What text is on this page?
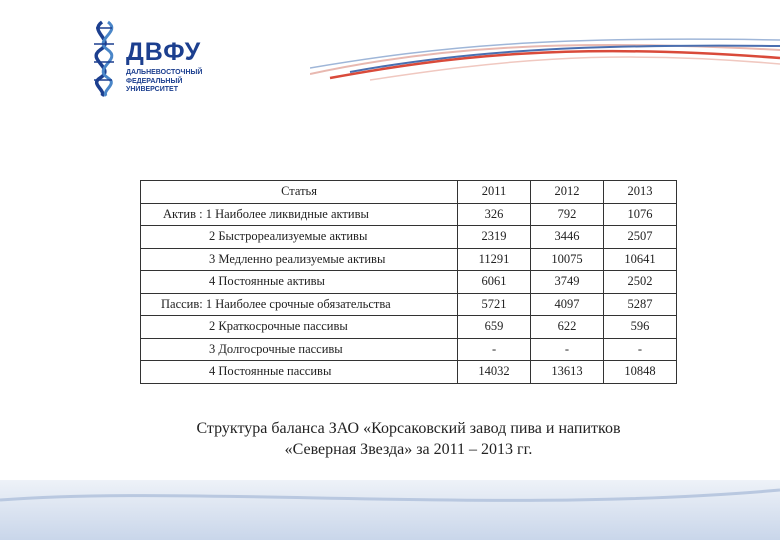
ДВФУ
ДАЛЬНЕВОСТОЧНЫЙ
ФЕДЕРАЛЬНЫЙ
УНИВЕРСИТЕТ
Статья	2011	2012	2013
Актив : 1 Наиболее ликвидные активы	326	792	1076
2 Быстрореализуемые активы	2319	3446	2507
3 Медленно реализуемые активы	11291	10075	10641
4 Постоянные активы	6061	3749	2502
Пассив: 1 Наиболее срочные обязательства	5721	4097	5287
2 Краткосрочные пассивы	659	622	596
3 Долгосрочные пассивы	-	-	-
4 Постоянные пассивы	14032	13613	10848
Структура баланса ЗАО «Корсаковский завод пива и напитков
«Северная Звезда» за 2011 – 2013 гг.
